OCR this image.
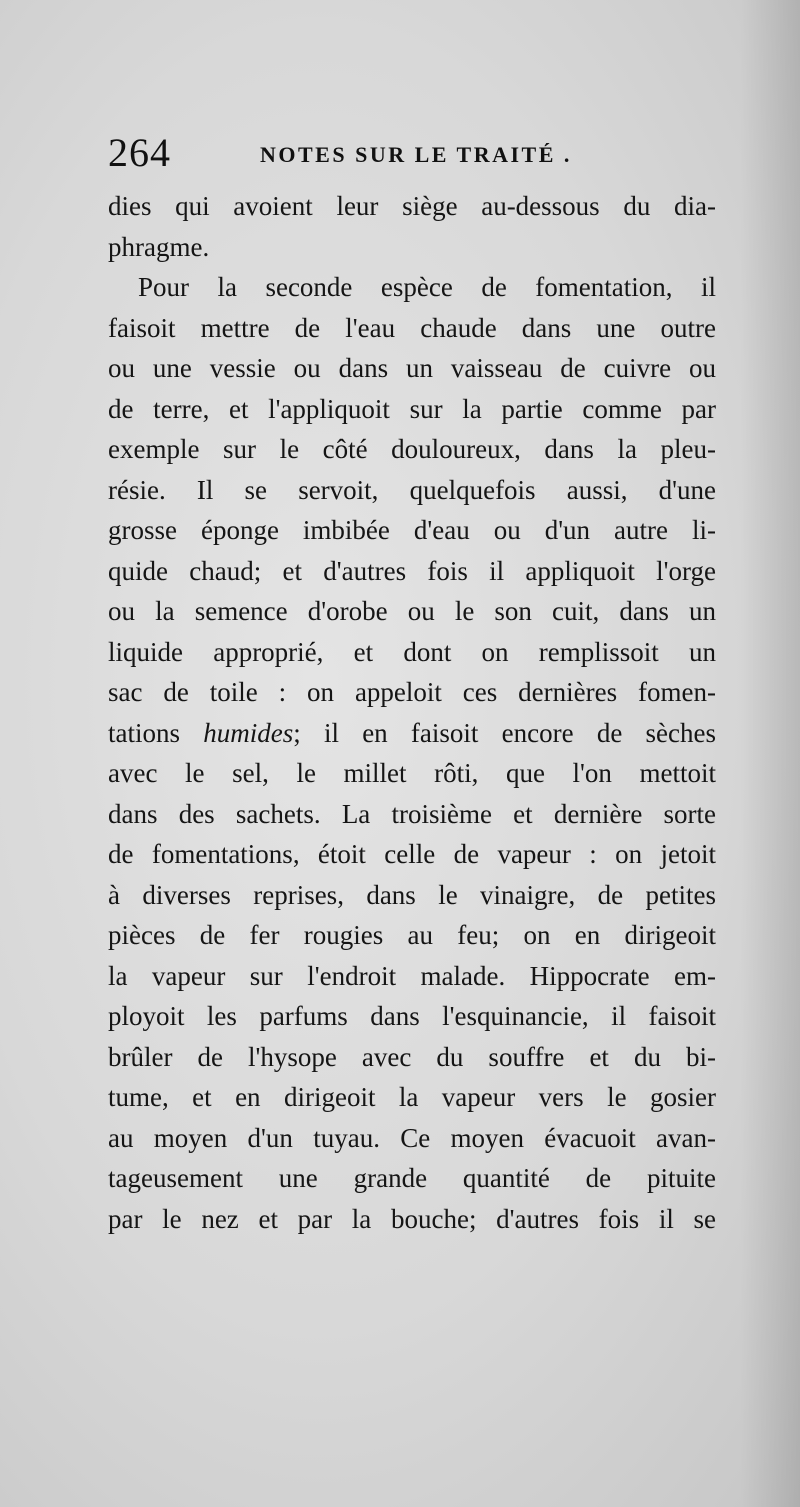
264	NOTES SUR LE TRAITÉ .
dies qui avoient leur siège au-dessous du dia-
phragme.
Pour la seconde espèce de fomentation, il
faisoit mettre de l'eau chaude dans une outre
ou une vessie ou dans un vaisseau de cuivre ou
de terre, et l'appliquoit sur la partie comme par
exemple sur le côté douloureux, dans la pleu-
résie. Il se servoit, quelquefois aussi, d'une
grosse éponge imbibée d'eau ou d'un autre li-
quide chaud; et d'autres fois il appliquoit l'orge
ou la semence d'orobe ou le son cuit, dans un
liquide approprié, et dont on remplissoit un
sac de toile : on appeloit ces dernières fomen-
tations humides; il en faisoit encore de sèches
avec le sel, le millet rôti, que l'on mettoit
dans des sachets. La troisième et dernière sorte
de fomentations, étoit celle de vapeur : on jetoit
à diverses reprises, dans le vinaigre, de petites
pièces de fer rougies au feu; on en dirigeoit
la vapeur sur l'endroit malade. Hippocrate em-
ployoit les parfums dans l'esquinancie, il faisoit
brûler de l'hysope avec du souffre et du bi-
tume, et en dirigeoit la vapeur vers le gosier
au moyen d'un tuyau. Ce moyen évacuoit avan-
tageusement une grande quantité de pituite
par le nez et par la bouche; d'autres fois il se
